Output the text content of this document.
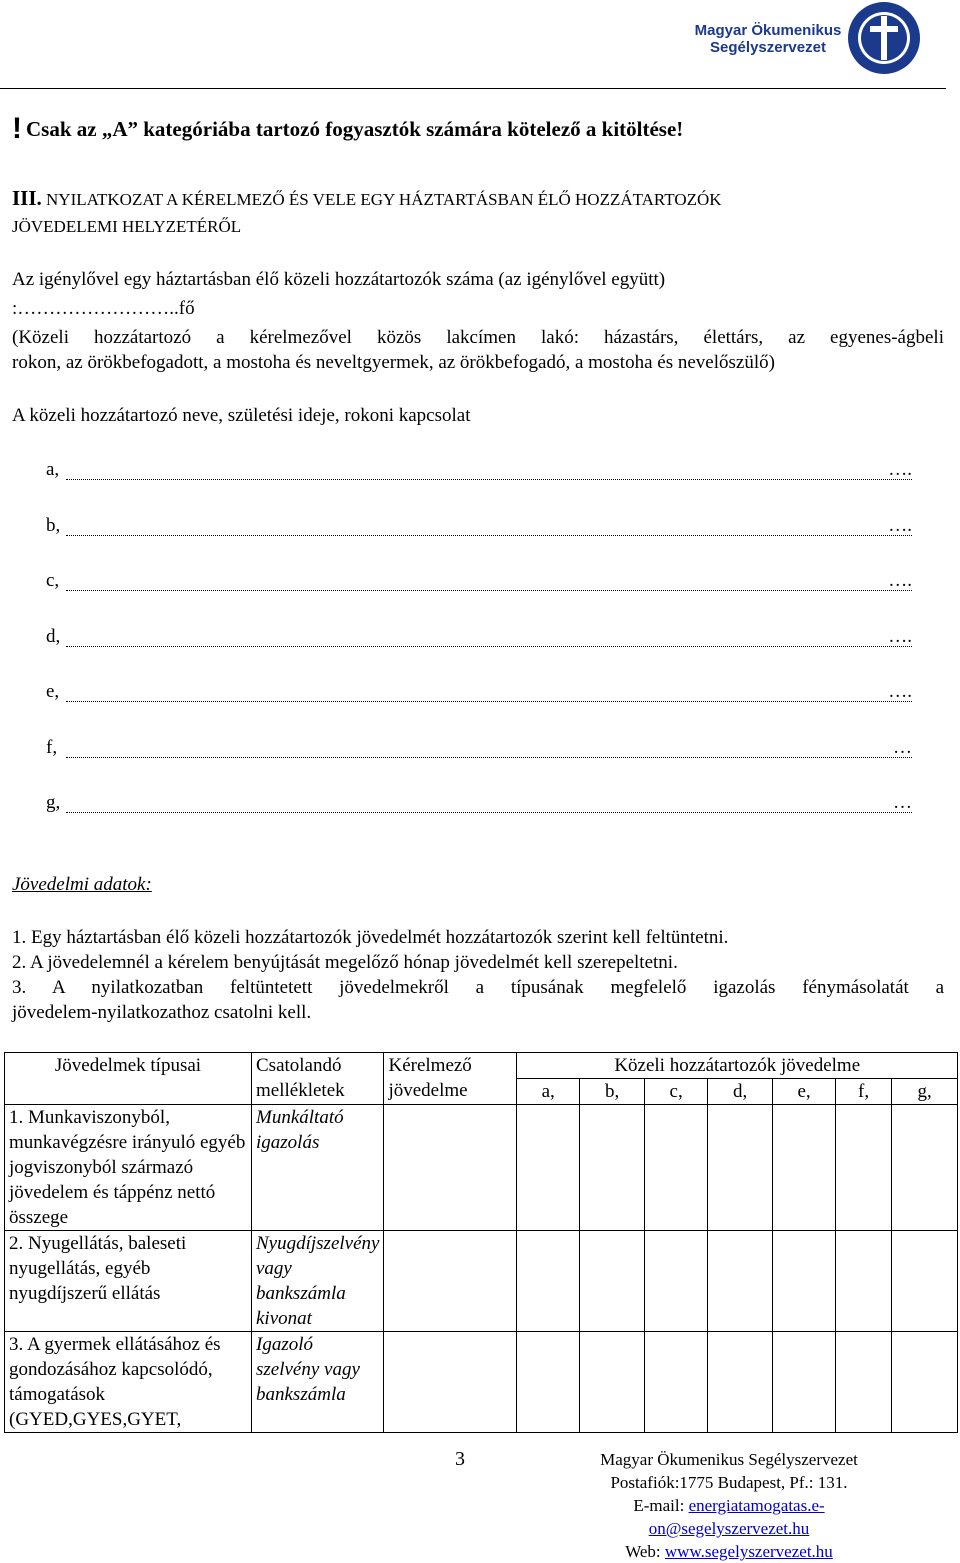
Magyar Ökumenikus
Segélyszervezet
! Csak az „A” kategóriába tartozó fogyasztók számára kötelező a kitöltése!
III. NYILATKOZAT A KÉRELMEZŐ ÉS VELE EGY HÁZTARTÁSBAN ÉLŐ HOZZÁTARTOZÓK
JÖVEDELEMI HELYZETÉRŐL
Az igénylővel egy háztartásban élő közeli hozzátartozók száma (az igénylővel együtt)
:……………………..fő
(Közeli hozzátartozó a kérelmezővel közös lakcímen lakó: házastárs, élettárs, az egyenes-ágbeli
rokon, az örökbefogadott, a mostoha és neveltgyermek, az örökbefogadó, a mostoha és nevelőszülő)
A közeli hozzátartozó neve, születési ideje, rokoni kapcsolat
a,	….
b,	….
c,	….
d,	….
e,	….
f,	…
g,	…
Jövedelmi adatok:
1. Egy háztartásban élő közeli hozzátartozók jövedelmét hozzátartozók szerint kell feltüntetni.
2. A jövedelemnél a kérelem benyújtását megelőző hónap jövedelmét kell szerepeltetni.
3. A nyilatkozatban feltüntetett jövedelmekről a típusának megfelelő igazolás fénymásolatát a
jövedelem-nyilatkozathoz csatolni kell.
Jövedelmek típusai	Csatolandó mellékletek	Kérelmező jövedelme	Közeli hozzátartozók jövedelme						
			a,	b,	c,	d,	e,	f,	g,
1. Munkaviszonyból, munkavégzésre irányuló egyéb jogviszonyból származó jövedelem és táppénz nettó összege	Munkáltató igazolás								
2. Nyugellátás, baleseti nyugellátás, egyéb nyugdíjszerű ellátás	Nyugdíjszelvény vagy bankszámla kivonat								
3. A gyermek ellátásához és gondozásához kapcsolódó, támogatások (GYED,GYES,GYET,	Igazoló szelvény vagy bankszámla								
3	Magyar Ökumenikus Segélyszervezet
Postafiók:1775 Budapest, Pf.: 131.
E-mail: energiatamogatas.e-on@segelyszervezet.hu
Web: www.segelyszervezet.hu
